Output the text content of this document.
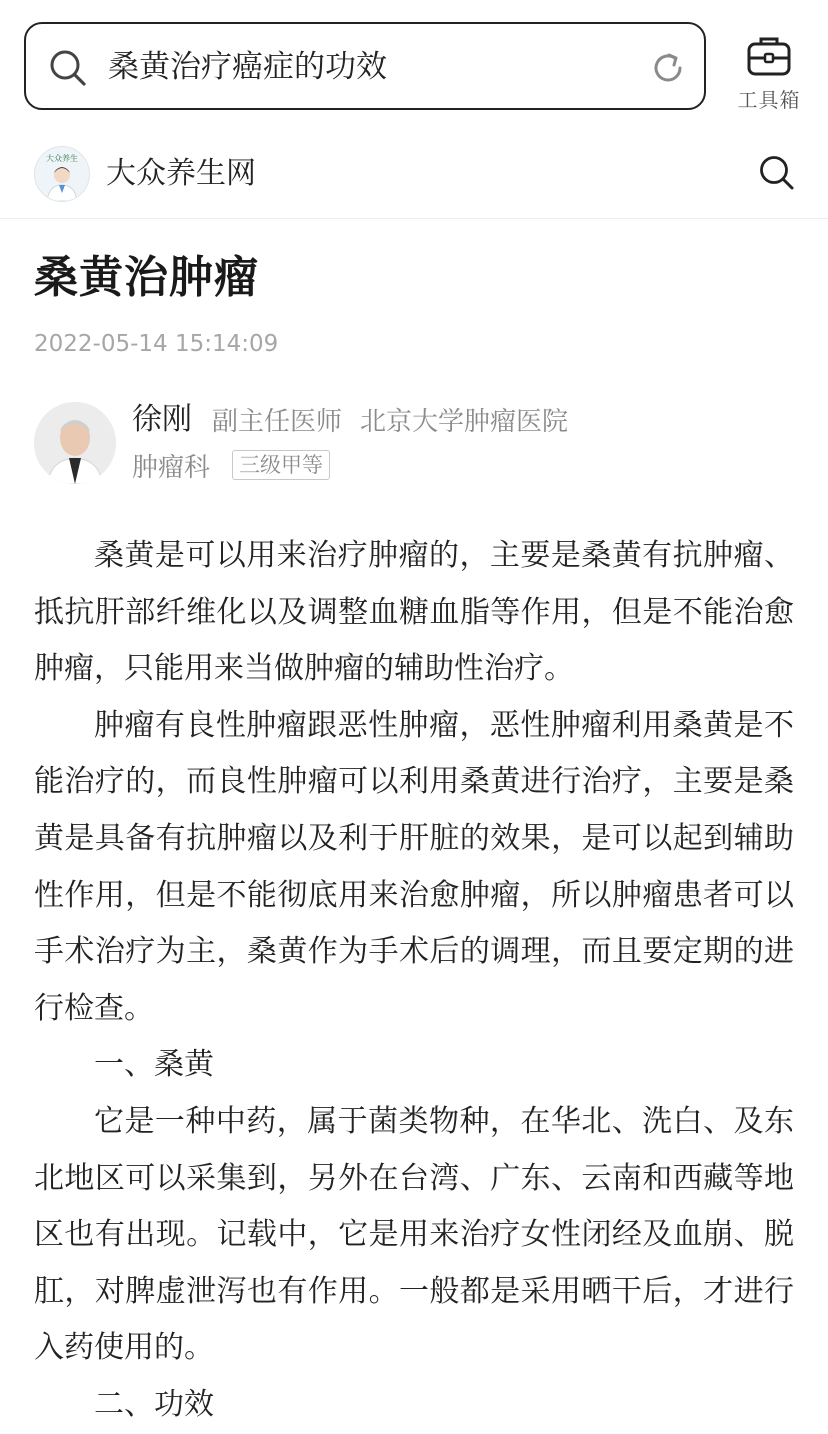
桑黄治疗癌症的功效
工具箱
大众养生 大众养生网
桑黄治肿瘤
2022-05-14 15:14:09
徐刚 副主任医师 北京大学肿瘤医院
肿瘤科	三级甲等

桑黄是可以用来治疗肿瘤的，主要是桑黄有抗肿瘤、抵抗肝部纤维化以及调整血糖血脂等作用，但是不能治愈肿瘤，只能用来当做肿瘤的辅助性治疗。

肿瘤有良性肿瘤跟恶性肿瘤，恶性肿瘤利用桑黄是不能治疗的，而良性肿瘤可以利用桑黄进行治疗，主要是桑黄是具备有抗肿瘤以及利于肝脏的效果，是可以起到辅助性作用，但是不能彻底用来治愈肿瘤，所以肿瘤患者可以手术治疗为主，桑黄作为手术后的调理，而且要定期的进行检查。

一、桑黄

它是一种中药，属于菌类物种，在华北、洗白、及东北地区可以采集到，另外在台湾、广东、云南和西藏等地区也有出现。记载中，它是用来治疗女性闭经及血崩、脱肛，对脾虚泄泻也有作用。一般都是采用晒干后，才进行入药使用的。

二、功效
